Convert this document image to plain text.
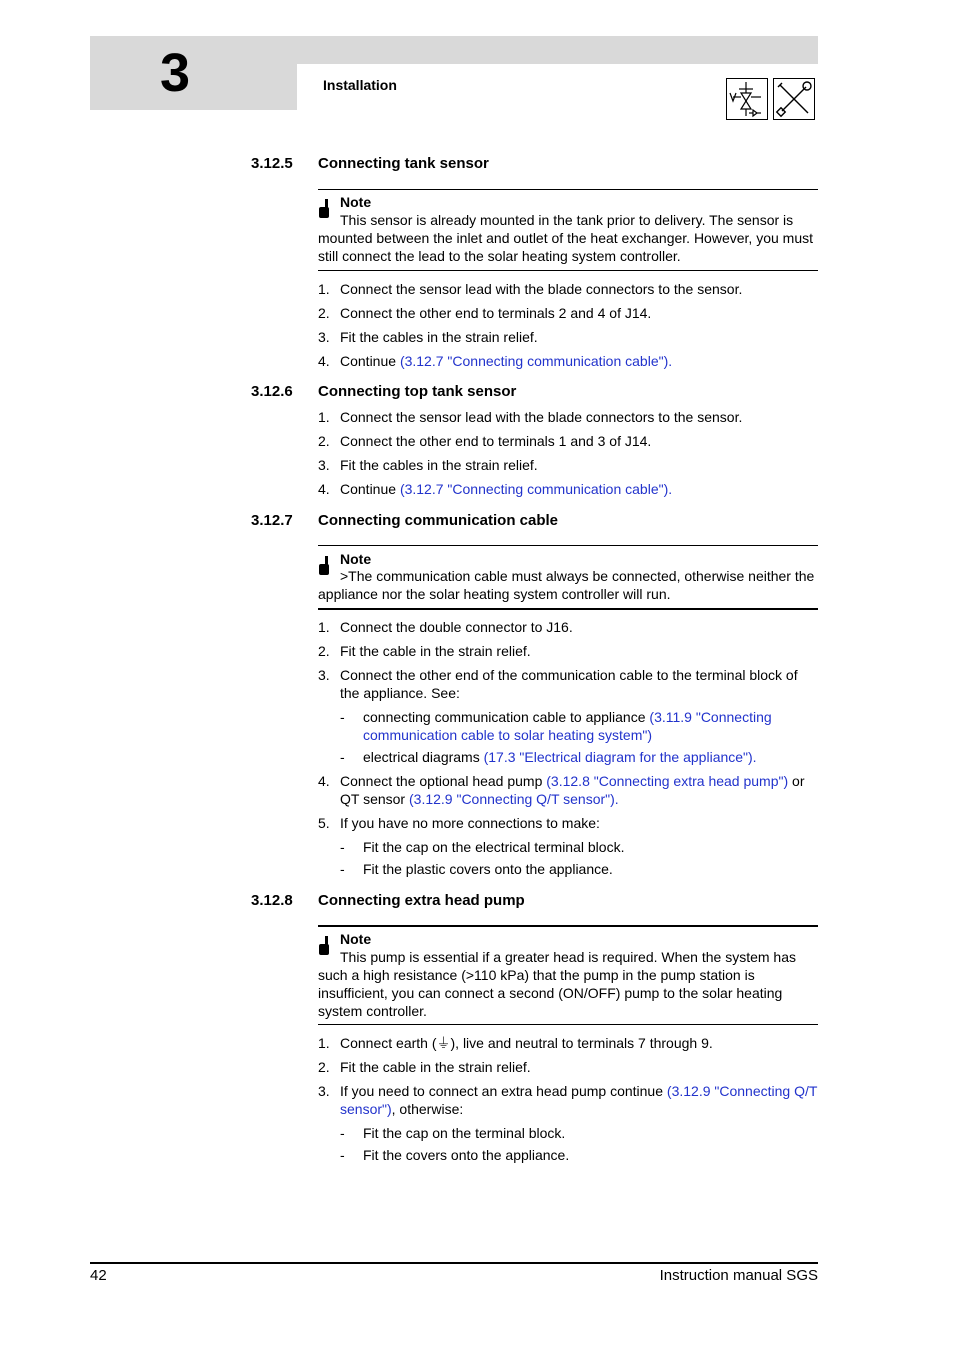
3	Installation
3.12.5 Connecting tank sensor
Note
This sensor is already mounted in the tank prior to delivery. The sensor is mounted between the inlet and outlet of the heat exchanger. However, you must still connect the lead to the solar heating system controller.
1. Connect the sensor lead with the blade connectors to the sensor.
2. Connect the other end to terminals 2 and 4 of J14.
3. Fit the cables in the strain relief.
4. Continue (3.12.7 "Connecting communication cable").
3.12.6 Connecting top tank sensor
1. Connect the sensor lead with the blade connectors to the sensor.
2. Connect the other end to terminals 1 and 3 of J14.
3. Fit the cables in the strain relief.
4. Continue (3.12.7 "Connecting communication cable").
3.12.7 Connecting communication cable
Note
>The communication cable must always be connected, otherwise neither the appliance nor the solar heating system controller will run.
1. Connect the double connector to J16.
2. Fit the cable in the strain relief.
3. Connect the other end of the communication cable to the terminal block of the appliance. See:
- connecting communication cable to appliance (3.11.9 "Connecting communication cable to solar heating system")
- electrical diagrams (17.3 "Electrical diagram for the appliance").
4. Connect the optional head pump (3.12.8 "Connecting extra head pump") or QT sensor (3.12.9 "Connecting Q/T sensor").
5. If you have no more connections to make:
- Fit the cap on the electrical terminal block.
- Fit the plastic covers onto the appliance.
3.12.8 Connecting extra head pump
Note
This pump is essential if a greater head is required. When the system has such a high resistance (>110 kPa) that the pump in the pump station is insufficient, you can connect a second (ON/OFF) pump to the solar heating system controller.
1. Connect earth (⏚), live and neutral to terminals 7 through 9.
2. Fit the cable in the strain relief.
3. If you need to connect an extra head pump continue (3.12.9 "Connecting Q/T sensor"), otherwise:
- Fit the cap on the terminal block.
- Fit the covers onto the appliance.
42	Instruction manual SGS
